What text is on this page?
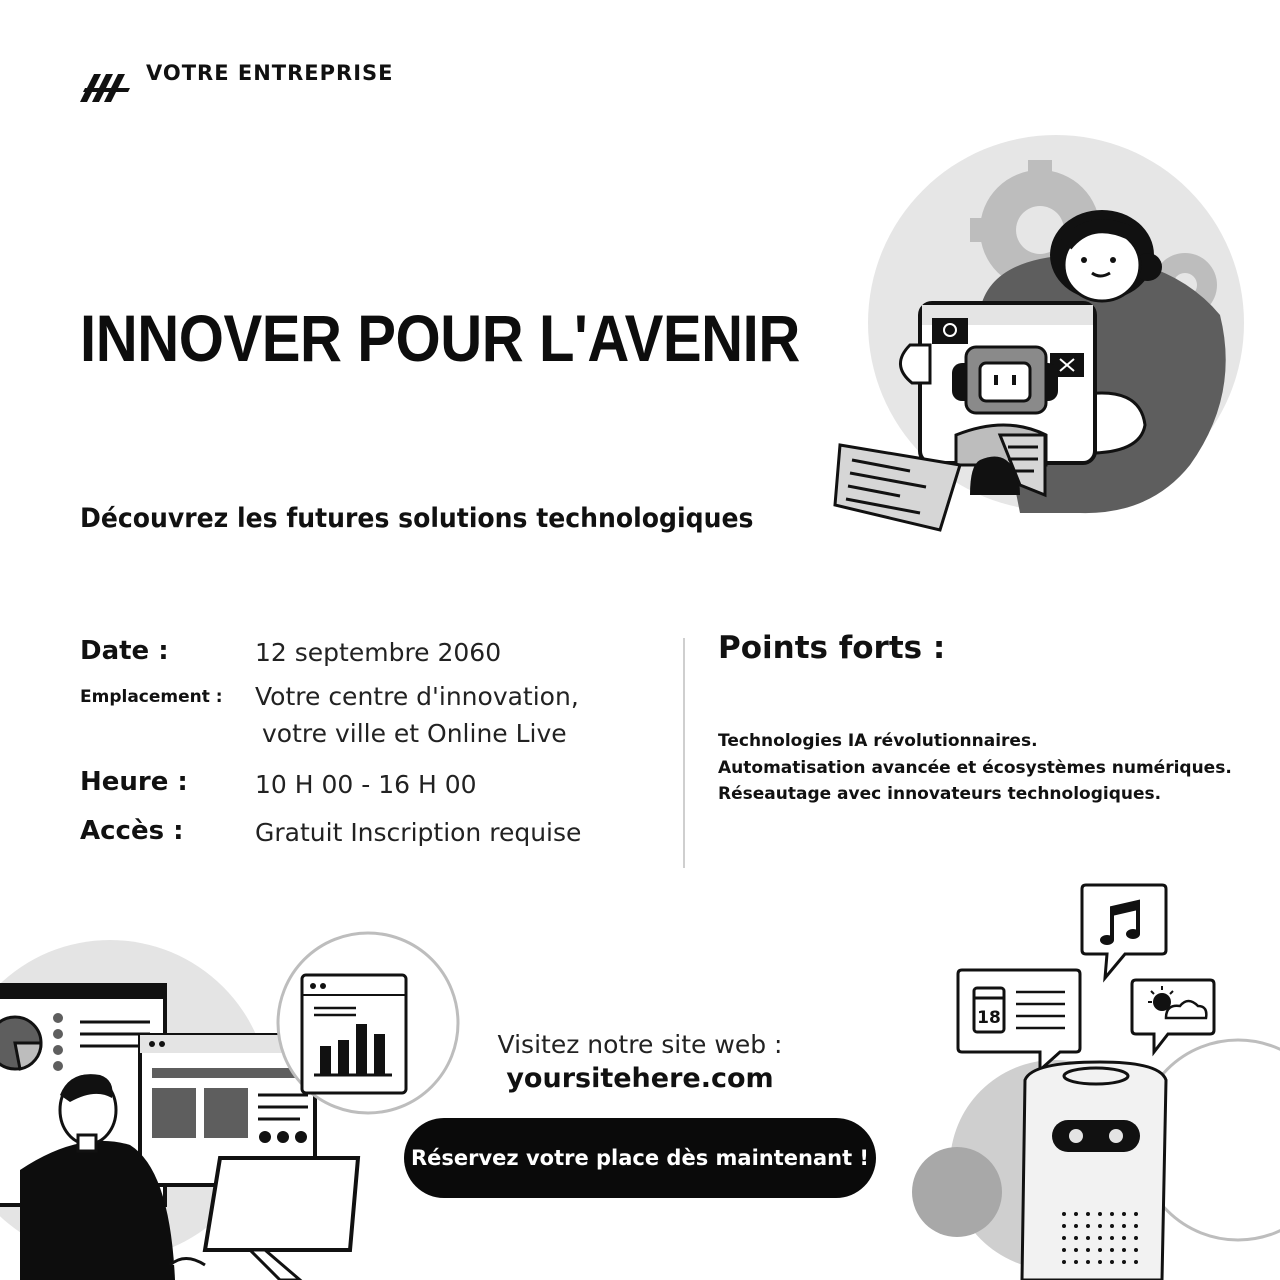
VOTRE ENTREPRISE
INNOVER POUR L'AVENIR
Découvrez les futures solutions technologiques
Date :	12 septembre 2060
Emplacement : Votre centre d'innovation,
votre ville et Online Live
Heure :	10 H 00 - 16 H 00
Accès :	Gratuit Inscription requise
Points forts :
Technologies IA révolutionnaires.
Automatisation avancée et écosystèmes numériques.
Réseautage avec innovateurs technologiques.
Visitez notre site web :
yoursitehere.com
Réservez votre place dès maintenant !
18
